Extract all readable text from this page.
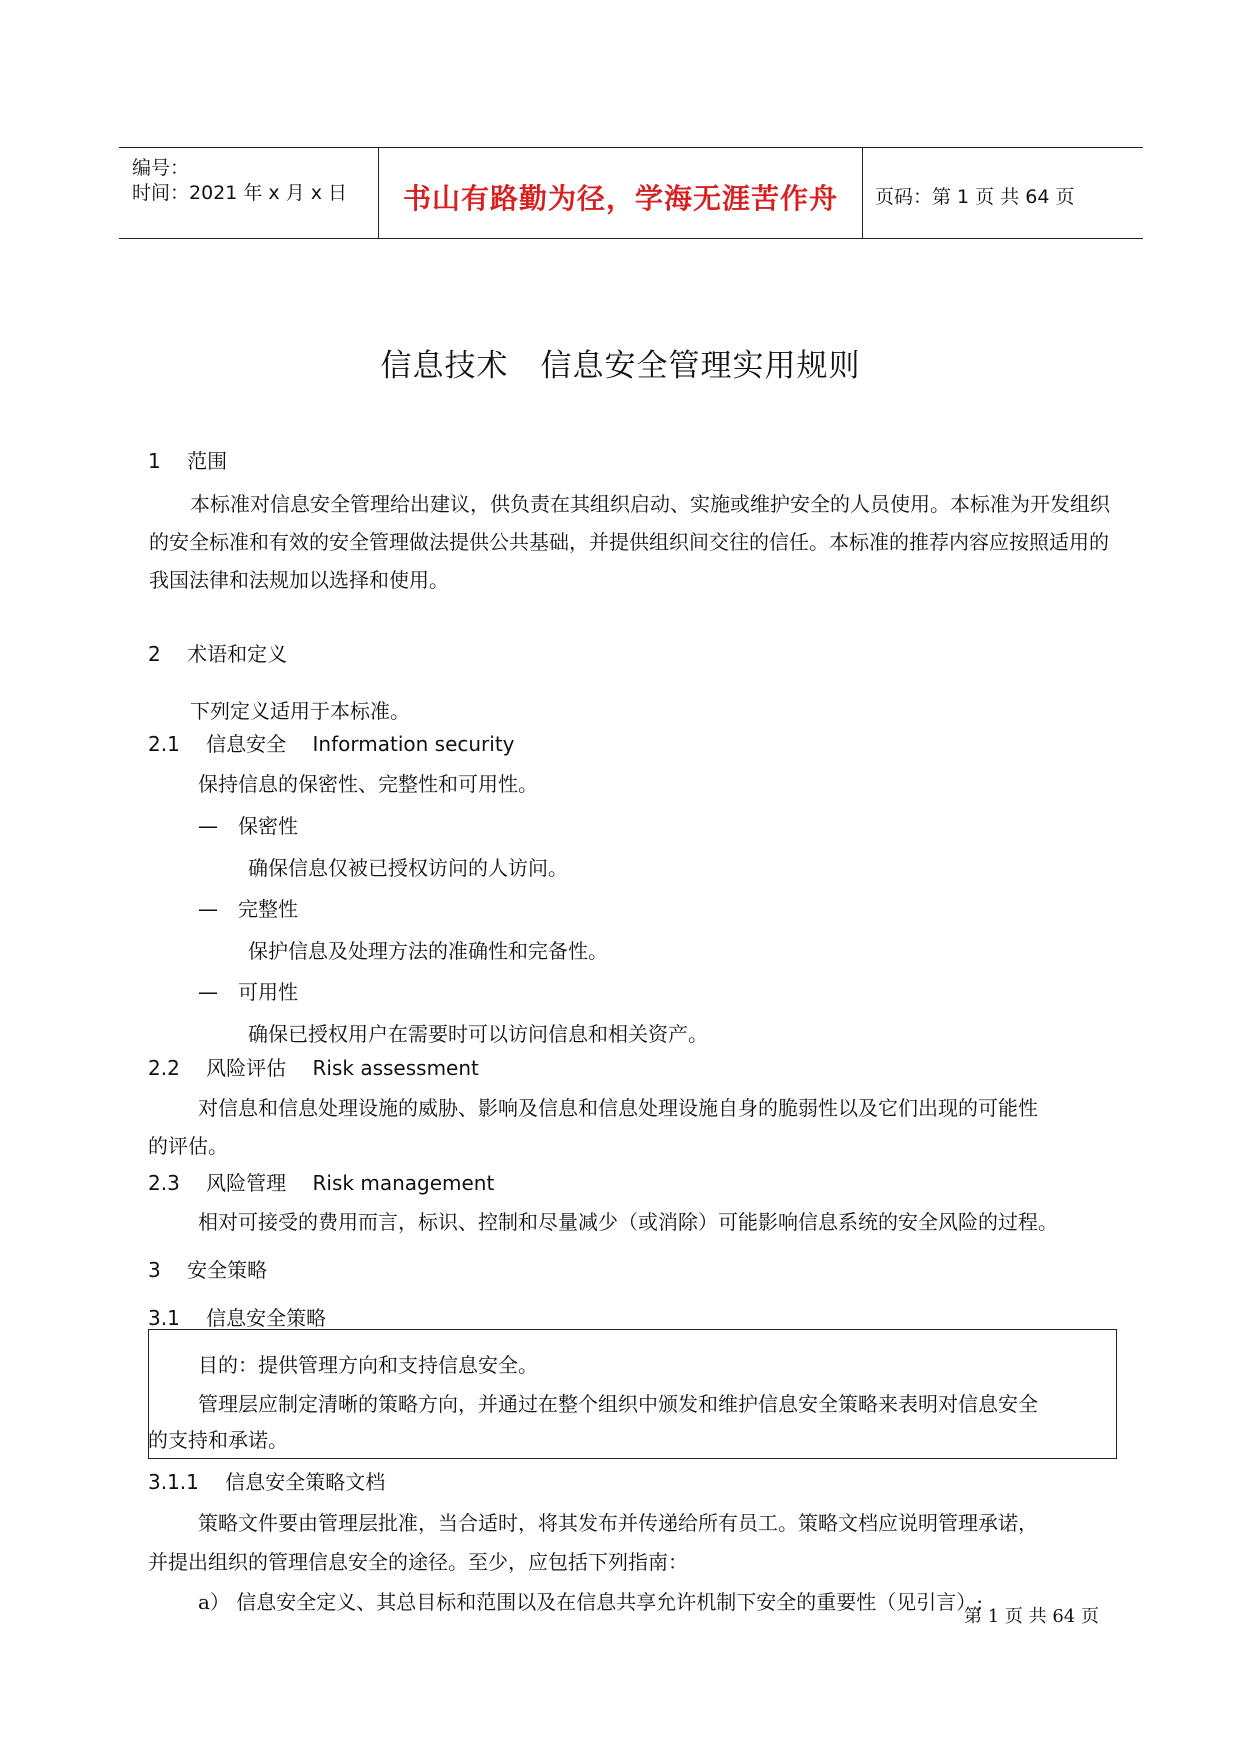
编号：
时间：2021 年 x 月 x 日	书山有路勤为径，学海无涯苦作舟	页码：第 1 页 共 64 页
信息技术　信息安全管理实用规则
1　 范围
本标准对信息安全管理给出建议，供负责在其组织启动、实施或维护安全的人员使用。本标准为开发组织的安全标准和有效的安全管理做法提供公共基础，并提供组织间交往的信任。本标准的推荐内容应按照适用的我国法律和法规加以选择和使用。
2　 术语和定义
下列定义适用于本标准。
2.1　 信息安全　 Information security
保持信息的保密性、完整性和可用性。
—　保密性
确保信息仅被已授权访问的人访问。
—　完整性
保护信息及处理方法的准确性和完备性。
—　可用性
确保已授权用户在需要时可以访问信息和相关资产。
2.2　 风险评估　 Risk assessment
对信息和信息处理设施的威胁、影响及信息和信息处理设施自身的脆弱性以及它们出现的可能性
的评估。
2.3　 风险管理　 Risk management
相对可接受的费用而言，标识、控制和尽量减少（或消除）可能影响信息系统的安全风险的过程。
3　 安全策略
3.1　 信息安全策略
目的：提供管理方向和支持信息安全。
管理层应制定清晰的策略方向，并通过在整个组织中颁发和维护信息安全策略来表明对信息安全
的支持和承诺。
3.1.1　 信息安全策略文档
策略文件要由管理层批准，当合适时，将其发布并传递给所有员工。策略文档应说明管理承诺，
并提出组织的管理信息安全的途径。至少，应包括下列指南：
a） 信息安全定义、其总目标和范围以及在信息共享允许机制下安全的重要性（见引言）;
第 1 页 共 64 页
